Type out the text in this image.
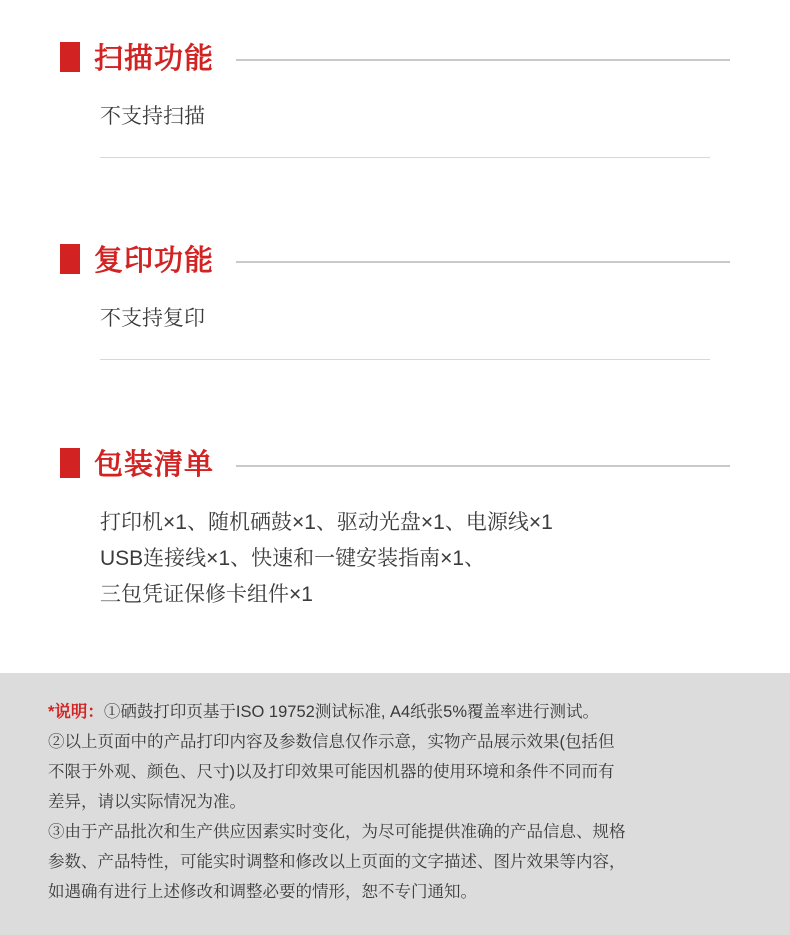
扫描功能
不支持扫描
复印功能
不支持复印
包装清单
打印机×1、随机硒鼓×1、驱动光盘×1、电源线×1
USB连接线×1、快速和一键安装指南×1、
三包凭证保修卡组件×1
*说明：①硒鼓打印页基于ISO 19752测试标准, A4纸张5%覆盖率进行测试。
②以上页面中的产品打印内容及参数信息仅作示意，实物产品展示效果(包括但
不限于外观、颜色、尺寸)以及打印效果可能因机器的使用环境和条件不同而有
差异，请以实际情况为准。
③由于产品批次和生产供应因素实时变化，为尽可能提供准确的产品信息、规格
参数、产品特性，可能实时调整和修改以上页面的文字描述、图片效果等内容，
如遇确有进行上述修改和调整必要的情形，恕不专门通知。
